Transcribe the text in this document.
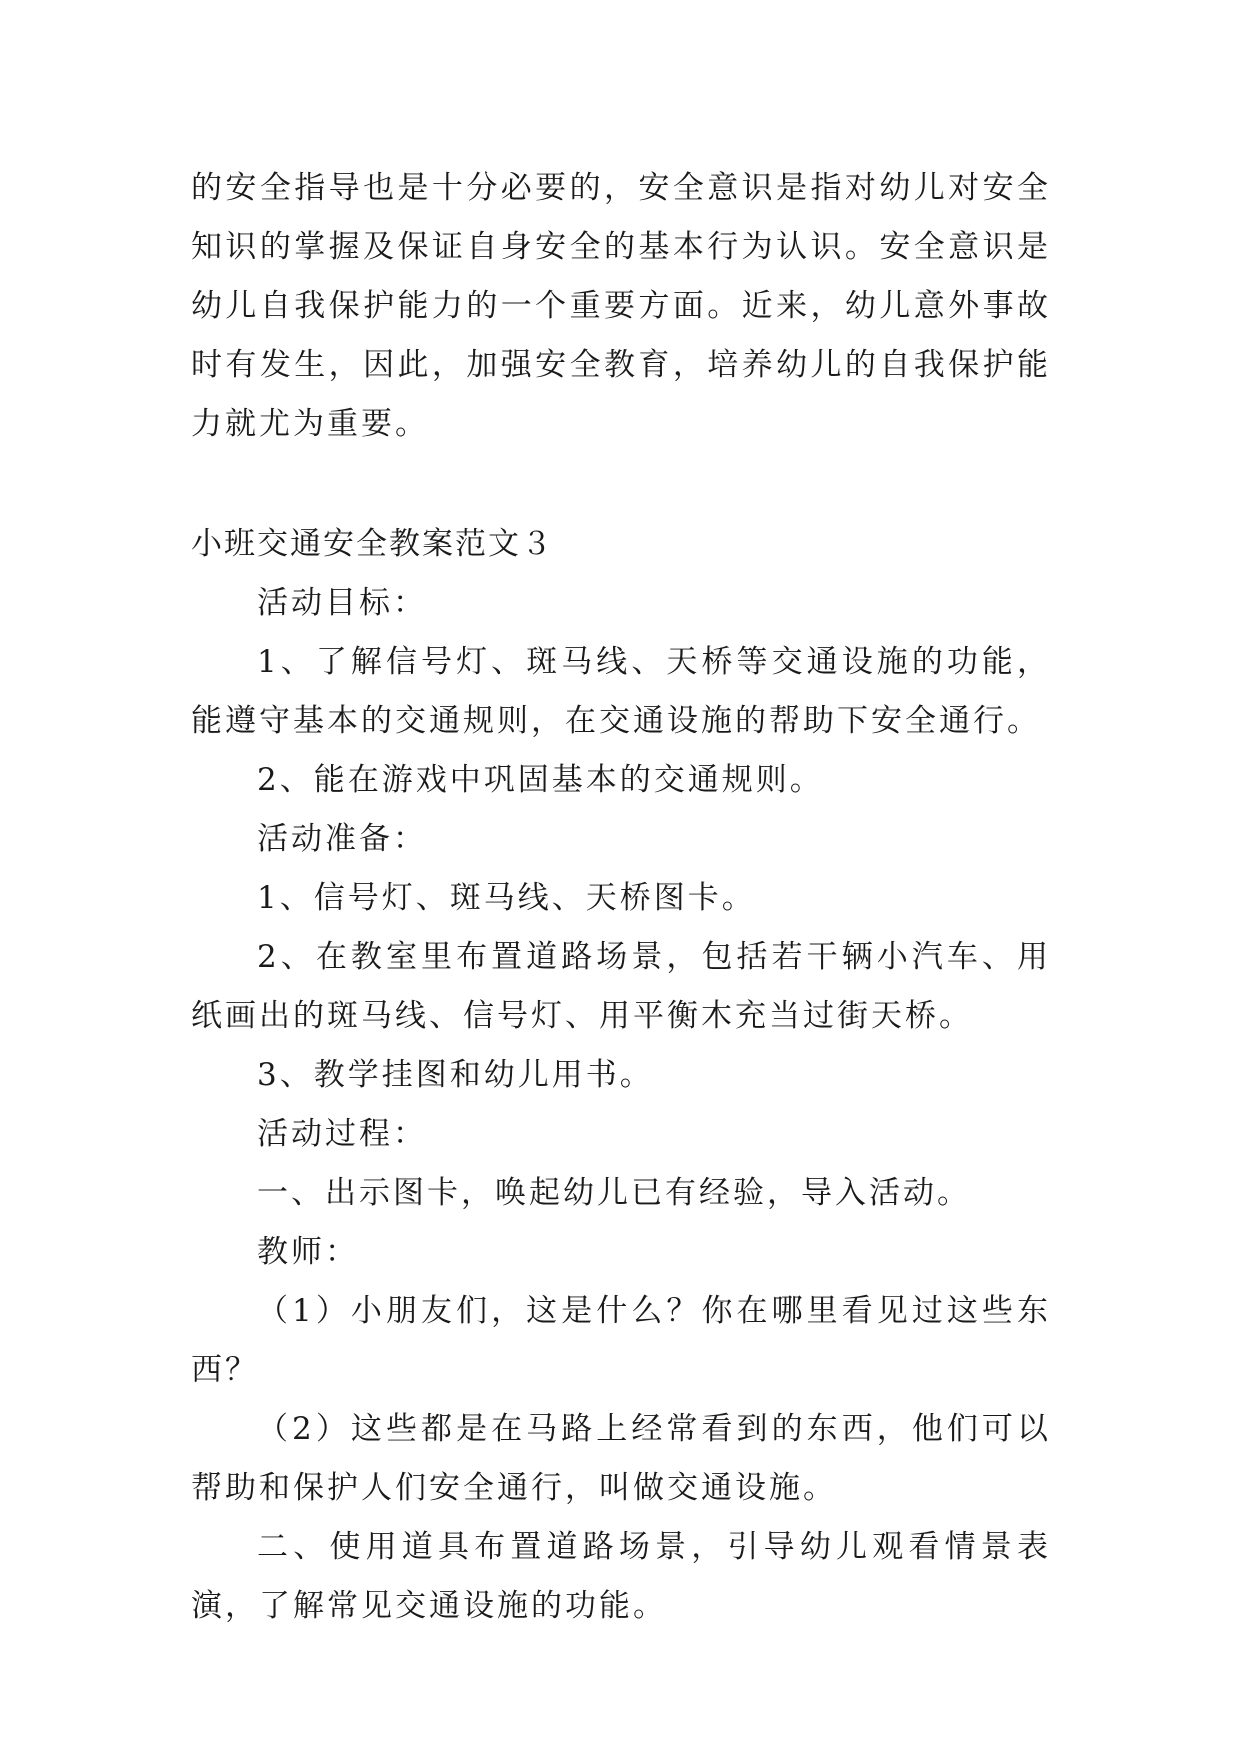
的安全指导也是十分必要的，安全意识是指对幼儿对安全知识的掌握及保证自身安全的基本行为认识。安全意识是幼儿自我保护能力的一个重要方面。近来，幼儿意外事故时有发生，因此，加强安全教育，培养幼儿的自我保护能力就尤为重要。

小班交通安全教案范文３

活动目标：

1、了解信号灯、斑马线、天桥等交通设施的功能，能遵守基本的交通规则，在交通设施的帮助下安全通行。

2、能在游戏中巩固基本的交通规则。

活动准备：

1、信号灯、斑马线、天桥图卡。

2、在教室里布置道路场景，包括若干辆小汽车、用纸画出的斑马线、信号灯、用平衡木充当过街天桥。

3、教学挂图和幼儿用书。

活动过程：

一、出示图卡，唤起幼儿已有经验，导入活动。

教师：

（1）小朋友们，这是什么？你在哪里看见过这些东西？

（2）这些都是在马路上经常看到的东西，他们可以帮助和保护人们安全通行，叫做交通设施。

二、使用道具布置道路场景，引导幼儿观看情景表演，了解常见交通设施的功能。
